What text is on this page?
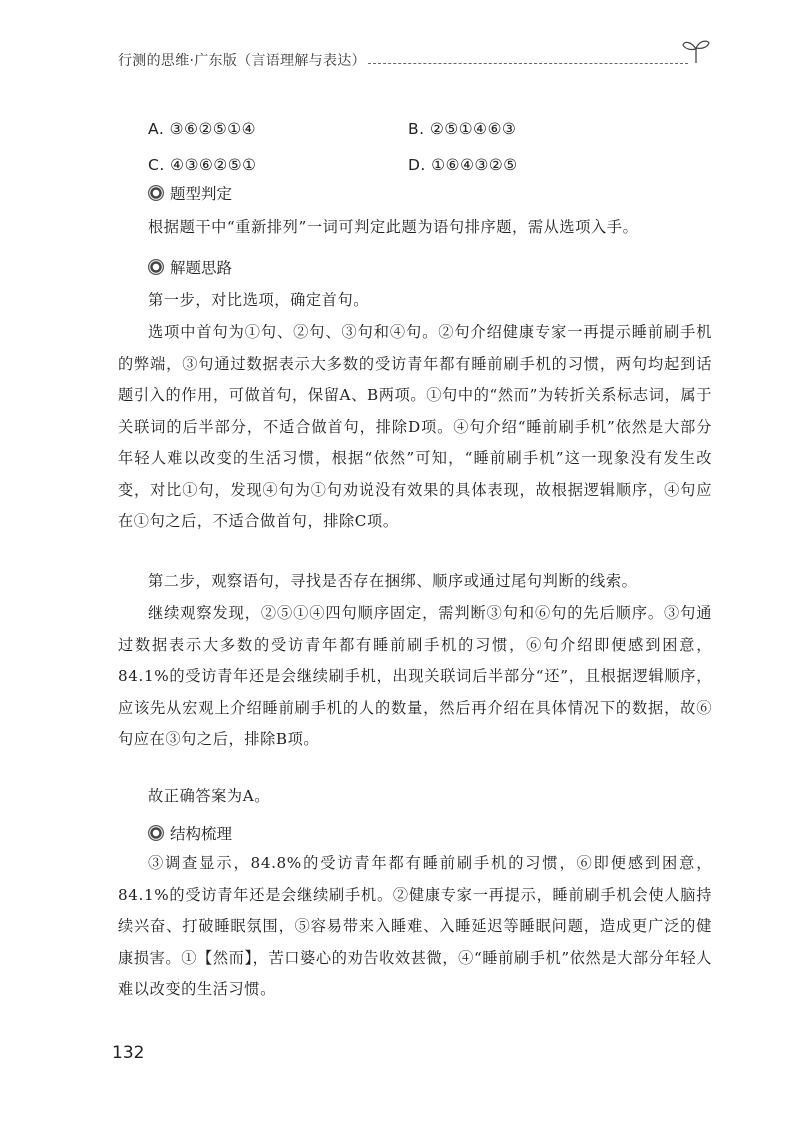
行测的思维·广东版（言语理解与表达）
A. ③⑥②⑤①④	B. ②⑤①④⑥③
C. ④③⑥②⑤①	D. ①⑥④③②⑤
题型判定
根据题干中“重新排列”一词可判定此题为语句排序题，需从选项入手。
解题思路
第一步，对比选项，确定首句。
选项中首句为①句、②句、③句和④句。②句介绍健康专家一再提示睡前刷手机的弊端，③句通过数据表示大多数的受访青年都有睡前刷手机的习惯，两句均起到话题引入的作用，可做首句，保留A、B两项。①句中的“然而”为转折关系标志词，属于关联词的后半部分，不适合做首句，排除D项。④句介绍“睡前刷手机”依然是大部分年轻人难以改变的生活习惯，根据“依然”可知，“睡前刷手机”这一现象没有发生改变，对比①句，发现④句为①句劝说没有效果的具体表现，故根据逻辑顺序，④句应在①句之后，不适合做首句，排除C项。
第二步，观察语句，寻找是否存在捆绑、顺序或通过尾句判断的线索。
继续观察发现，②⑤①④四句顺序固定，需判断③句和⑥句的先后顺序。③句通过数据表示大多数的受访青年都有睡前刷手机的习惯，⑥句介绍即便感到困意，84.1%的受访青年还是会继续刷手机，出现关联词后半部分“还”，且根据逻辑顺序，应该先从宏观上介绍睡前刷手机的人的数量，然后再介绍在具体情况下的数据，故⑥句应在③句之后，排除B项。
故正确答案为A。
结构梳理
③调查显示，84.8%的受访青年都有睡前刷手机的习惯，⑥即便感到困意，84.1%的受访青年还是会继续刷手机。②健康专家一再提示，睡前刷手机会使人脑持续兴奋、打破睡眠氛围，⑤容易带来入睡难、入睡延迟等睡眠问题，造成更广泛的健康损害。①【然而】，苦口婆心的劝告收效甚微，④“睡前刷手机”依然是大部分年轻人难以改变的生活习惯。
132
